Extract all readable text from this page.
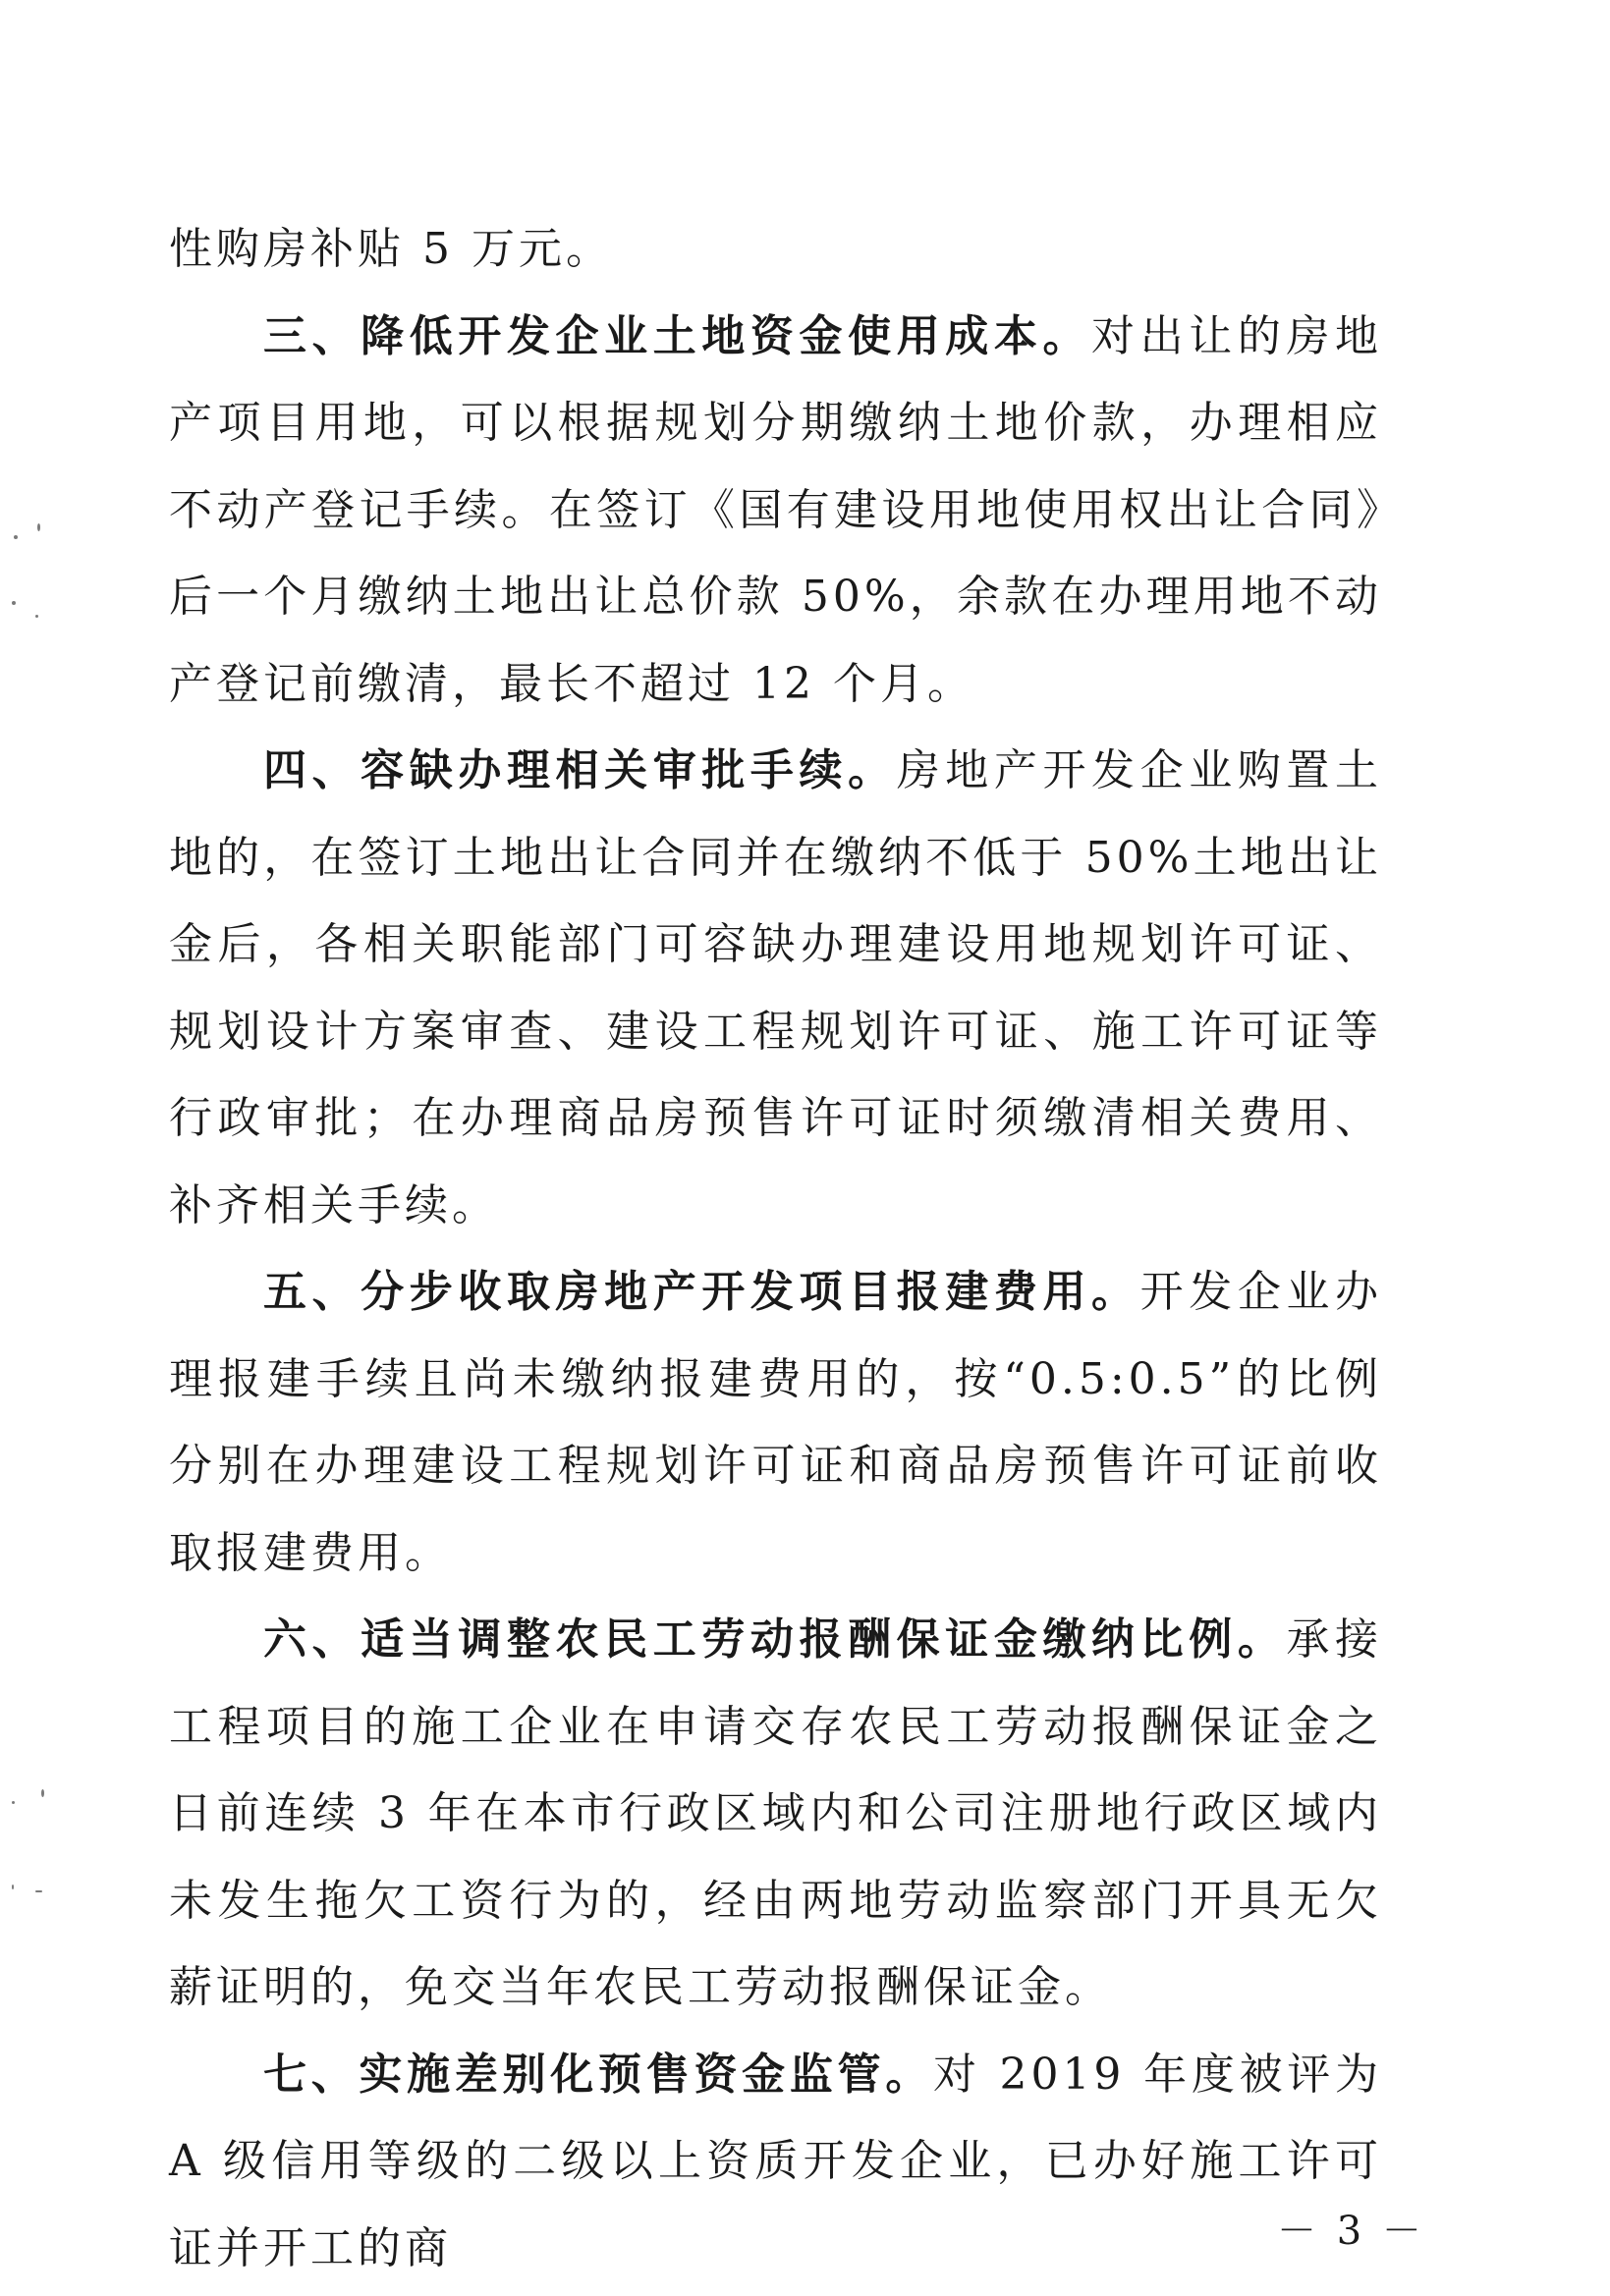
性购房补贴 5 万元。

三、降低开发企业土地资金使用成本。对出让的房地产项目用地，可以根据规划分期缴纳土地价款，办理相应不动产登记手续。在签订《国有建设用地使用权出让合同》后一个月缴纳土地出让总价款 50%，余款在办理用地不动产登记前缴清，最长不超过 12 个月。

四、容缺办理相关审批手续。房地产开发企业购置土地的，在签订土地出让合同并在缴纳不低于 50%土地出让金后，各相关职能部门可容缺办理建设用地规划许可证、规划设计方案审查、建设工程规划许可证、施工许可证等行政审批；在办理商品房预售许可证时须缴清相关费用、补齐相关手续。

五、分步收取房地产开发项目报建费用。开发企业办理报建手续且尚未缴纳报建费用的，按“0.5:0.5”的比例分别在办理建设工程规划许可证和商品房预售许可证前收取报建费用。

六、适当调整农民工劳动报酬保证金缴纳比例。承接工程项目的施工企业在申请交存农民工劳动报酬保证金之日前连续 3 年在本市行政区域内和公司注册地行政区域内未发生拖欠工资行为的，经由两地劳动监察部门开具无欠薪证明的，免交当年农民工劳动报酬保证金。

七、实施差别化预售资金监管。对 2019 年度被评为 A 级信用等级的二级以上资质开发企业，已办好施工许可证并开工的商	－ 3 －
